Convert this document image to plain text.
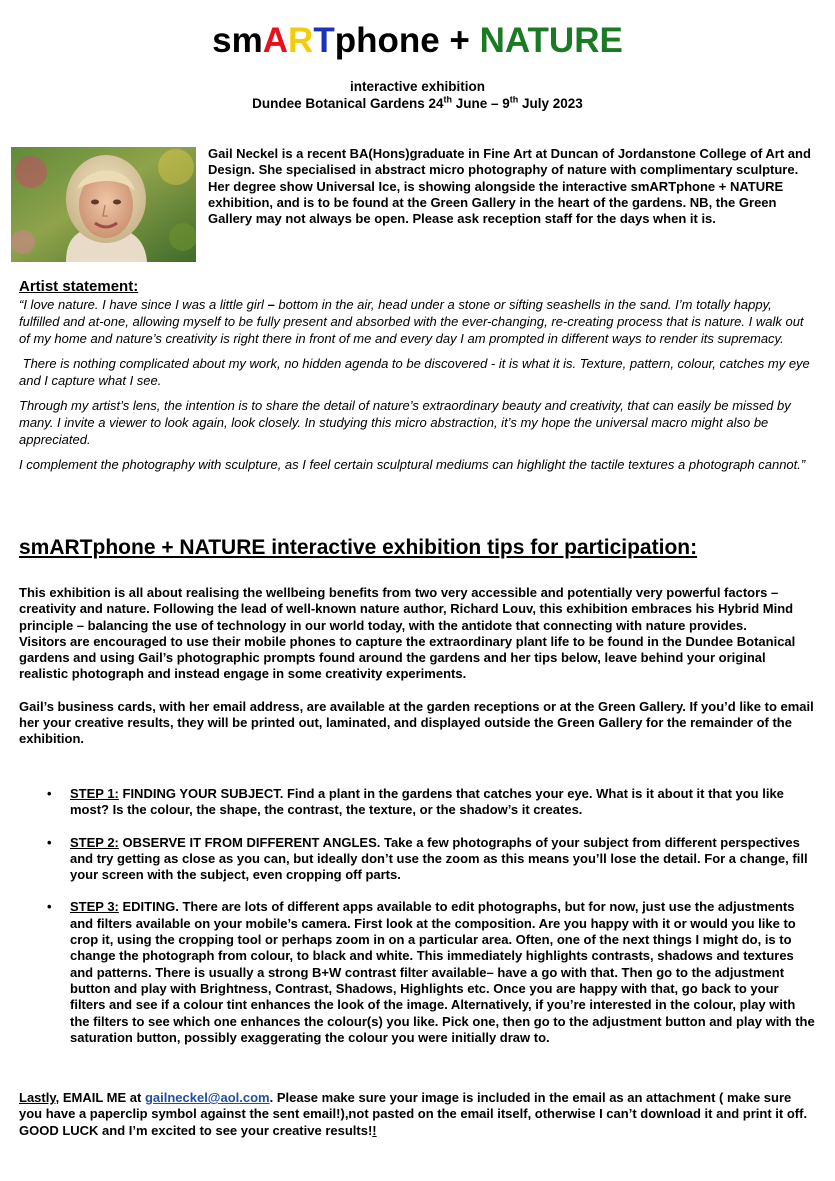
smARTphone + NATURE
interactive exhibition
Dundee Botanical Gardens 24th June – 9th July 2023

Gail Neckel is a recent BA(Hons)graduate in Fine Art at Duncan of Jordanstone College of Art and Design. She specialised in abstract micro photography of nature with complimentary sculpture.

Her degree show Universal Ice, is showing alongside the interactive smARTphone + NATURE exhibition, and is to be found at the Green Gallery in the heart of the gardens. NB, the Green Gallery may not always be open. Please ask reception staff for the days when it is.

Artist statement:

“I love nature. I have since I was a little girl – bottom in the air, head under a stone or sifting seashells in the sand. I’m totally happy, fulfilled and at-one, allowing myself to be fully present and absorbed with the ever-changing, re-creating process that is nature. I walk out of my home and nature’s creativity is right there in front of me and every day I am prompted in different ways to render its supremacy.

There is nothing complicated about my work, no hidden agenda to be discovered - it is what it is. Texture, pattern, colour, catches my eye and I capture what I see.

Through my artist’s lens, the intention is to share the detail of nature’s extraordinary beauty and creativity, that can easily be missed by many. I invite a viewer to look again, look closely. In studying this micro abstraction, it’s my hope the universal macro might also be appreciated.

I complement the photography with sculpture, as I feel certain sculptural mediums can highlight the tactile textures a photograph cannot.”

smARTphone + NATURE interactive exhibition tips for participation:

This exhibition is all about realising the wellbeing benefits from two very accessible and potentially very powerful factors – creativity and nature. Following the lead of well-known nature author, Richard Louv, this exhibition embraces his Hybrid Mind principle – balancing the use of technology in our world today, with the antidote that connecting with nature provides.

Visitors are encouraged to use their mobile phones to capture the extraordinary plant life to be found in the Dundee Botanical gardens and using Gail’s photographic prompts found around the gardens and her tips below, leave behind your original realistic photograph and instead engage in some creativity experiments.

Gail’s business cards, with her email address, are available at the garden receptions or at the Green Gallery. If you’d like to email her your creative results, they will be printed out, laminated, and displayed outside the Green Gallery for the remainder of the exhibition.

• STEP 1: FINDING YOUR SUBJECT. Find a plant in the gardens that catches your eye. What is it about it that you like most? Is the colour, the shape, the contrast, the texture, or the shadow’s it creates.
• STEP 2: OBSERVE IT FROM DIFFERENT ANGLES. Take a few photographs of your subject from different perspectives and try getting as close as you can, but ideally don’t use the zoom as this means you’ll lose the detail. For a change, fill your screen with the subject, even cropping off parts.
• STEP 3: EDITING. There are lots of different apps available to edit photographs, but for now, just use the adjustments and filters available on your mobile’s camera. First look at the composition. Are you happy with it or would you like to crop it, using the cropping tool or perhaps zoom in on a particular area. Often, one of the next things I might do, is to change the photograph from colour, to black and white. This immediately highlights contrasts, shadows and textures and patterns. There is usually a strong B+W contrast filter available– have a go with that. Then go to the adjustment button and play with Brightness, Contrast, Shadows, Highlights etc. Once you are happy with that, go back to your filters and see if a colour tint enhances the look of the image. Alternatively, if you’re interested in the colour, play with the filters to see which one enhances the colour(s) you like. Pick one, then go to the adjustment button and play with the saturation button, possibly exaggerating the colour you were initially draw to.
Lastly, EMAIL ME at gailneckel@aol.com. Please make sure your image is included in the email as an attachment ( make sure you have a paperclip symbol against the sent email!),not pasted on the email itself, otherwise I can’t download it and print it off. GOOD LUCK and I’m excited to see your creative results!!
